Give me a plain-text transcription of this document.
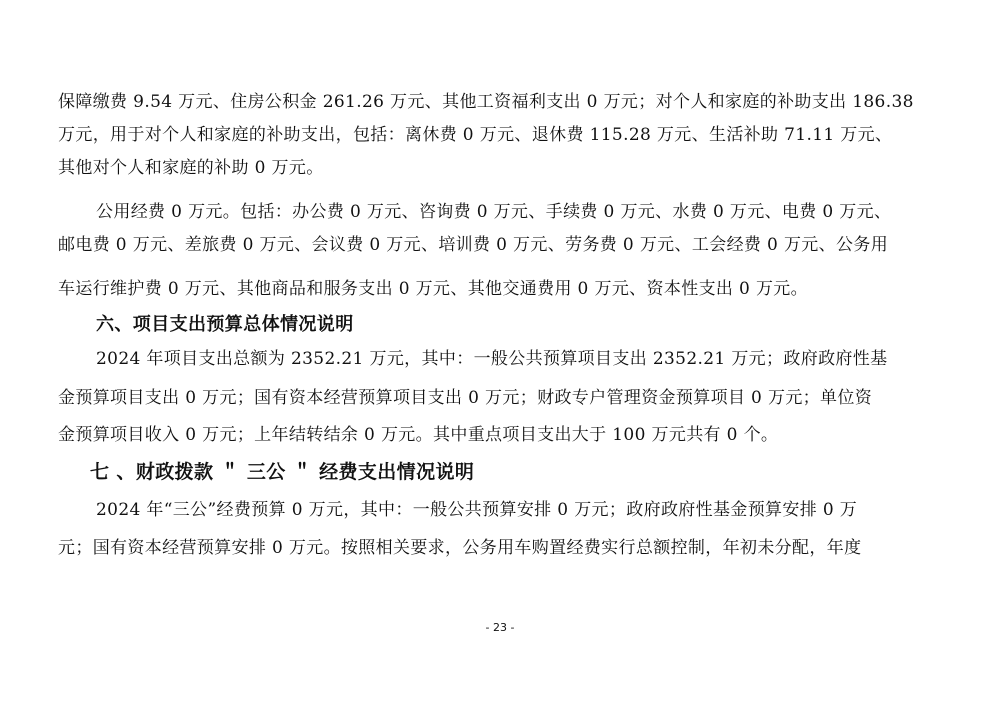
保障缴费 9.54 万元、住房公积金 261.26 万元、其他工资福利支出 0 万元；对个人和家庭的补助支出 186.38
万元，用于对个人和家庭的补助支出，包括：离休费 0 万元、退休费 115.28 万元、生活补助 71.11 万元、
其他对个人和家庭的补助 0 万元。
公用经费 0 万元。包括：办公费 0 万元、咨询费 0 万元、手续费 0 万元、水费 0 万元、电费 0 万元、
邮电费 0 万元、差旅费 0 万元、会议费 0 万元、培训费 0 万元、劳务费 0 万元、工会经费 0 万元、公务用
车运行维护费 0 万元、其他商品和服务支出 0 万元、其他交通费用 0 万元、资本性支出 0 万元。
六、项目支出预算总体情况说明
2024 年项目支出总额为 2352.21 万元，其中：一般公共预算项目支出 2352.21 万元；政府政府性基
金预算项目支出 0 万元；国有资本经营预算项目支出 0 万元；财政专户管理资金预算项目 0 万元；单位资
金预算项目收入 0 万元；上年结转结余 0 万元。其中重点项目支出大于 100 万元共有 0 个。
七 、财政拨款 ＂ 三公 ＂ 经费支出情况说明
2024 年“三公”经费预算 0 万元，其中：一般公共预算安排 0 万元；政府政府性基金预算安排 0 万
元；国有资本经营预算安排 0 万元。按照相关要求，公务用车购置经费实行总额控制，年初未分配，年度
- 23 -
